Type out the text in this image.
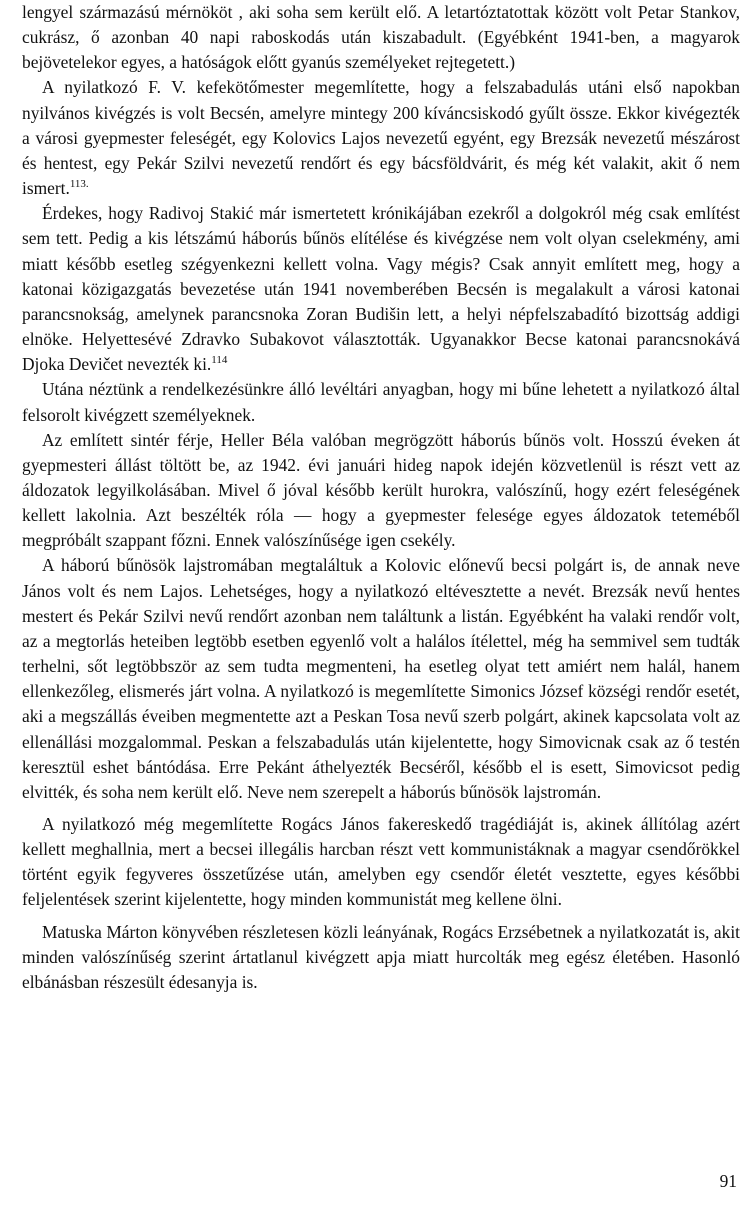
lengyel származású mérnököt , aki soha sem került elő. A letartóztatottak között volt Petar Stankov, cukrász, ő azonban 40 napi raboskodás után kiszabadult. (Egyébként 1941-ben, a magyarok bejövetelekor egyes, a hatóságok előtt gyanús személyeket rejtegetett.)

A nyilatkozó F. V. kefekötőmester megemlítette, hogy a felszabadulás utáni első napokban nyilvános kivégzés is volt Becsén, amelyre mintegy 200 kíváncsiskodó gyűlt össze. Ekkor kivégezték a városi gyepmester feleségét, egy Kolovics Lajos nevezetű egyént, egy Brezsák nevezetű mészárost és hentest, egy Pekár Szilvi nevezetű rendőrt és egy bácsföldvárit, és még két valakit, akit ő nem ismert.$^{113.}$

Érdekes, hogy Radivoj Stakić már ismertetett krónikájában ezekről a dolgokról még csak említést sem tett. Pedig a kis létszámú háborús bűnös elítélése és kivégzése nem volt olyan cselekmény, ami miatt később esetleg szégyenkezni kellett volna. Vagy mégis? Csak annyit említett meg, hogy a katonai közigazgatás bevezetése után 1941 novemberében Becsén is megalakult a városi katonai parancsnokság, amelynek parancsnoka Zoran Budišin lett, a helyi népfelszabadító bizottság addigi elnöke. Helyettesévé Zdravko Subakovot választották. Ugyanakkor Becse katonai parancsnokává Djoka Devičet nevezték ki.$^{114}$

Utána néztünk a rendelkezésünkre álló levéltári anyagban, hogy mi bűne lehetett a nyilatkozó által felsorolt kivégzett személyeknek.

Az említett sintér férje, Heller Béla valóban megrögzött háborús bűnös volt. Hosszú éveken át gyepmesteri állást töltött be, az 1942. évi januári hideg napok idején közvetlenül is részt vett az áldozatok legyilkolásában. Mivel ő jóval később került hurokra, valószínű, hogy ezért feleségének kellett lakolnia. Azt beszélték róla — hogy a gyepmester felesége egyes áldozatok teteméből megpróbált szappant főzni. Ennek valószínűsége igen csekély.

A háború bűnösök lajstromában megtaláltuk a Kolovic előnevű becsi polgárt is, de annak neve János volt és nem Lajos. Lehetséges, hogy a nyilatkozó eltévesztette a nevét. Brezsák nevű hentes mestert és Pekár Szilvi nevű rendőrt azonban nem találtunk a listán. Egyébként ha valaki rendőr volt, az a megtorlás heteiben legtöbb esetben egyenlő volt a halálos ítélettel, még ha semmivel sem tudták terhelni, sőt legtöbbször az sem tudta megmenteni, ha esetleg olyat tett amiért nem halál, hanem ellenkezőleg, elismerés járt volna. A nyilatkozó is megemlítette Simonics József községi rendőr esetét, aki a megszállás éveiben megmentette azt a Peskan Tosa nevű szerb polgárt, akinek kapcsolata volt az ellenállási mozgalommal. Peskan a felszabadulás után kijelentette, hogy Simovicnak csak az ő testén keresztül eshet bántódása. Erre Pekánt áthelyezték Becséről, később el is esett, Simovicsot pedig elvitték, és soha nem került elő. Neve nem szerepelt a háborús bűnösök lajstromán.

A nyilatkozó még megemlítette Rogács János fakereskedő tragédiáját is, akinek állítólag azért kellett meghallnia, mert a becsei illegális harcban részt vett kommunistáknak a magyar csendőrökkel történt egyik fegyveres összetűzése után, amelyben egy csendőr életét vesztette, egyes későbbi feljelentések szerint kijelentette, hogy minden kommunistát meg kellene ölni.

Matuska Márton könyvében részletesen közli leányának, Rogács Erzsébetnek a nyilatkozatát is, akit minden valószínűség szerint ártatlanul kivégzett apja miatt hurcolták meg egész életében. Hasonló elbánásban részesült édesanyja is.

91
